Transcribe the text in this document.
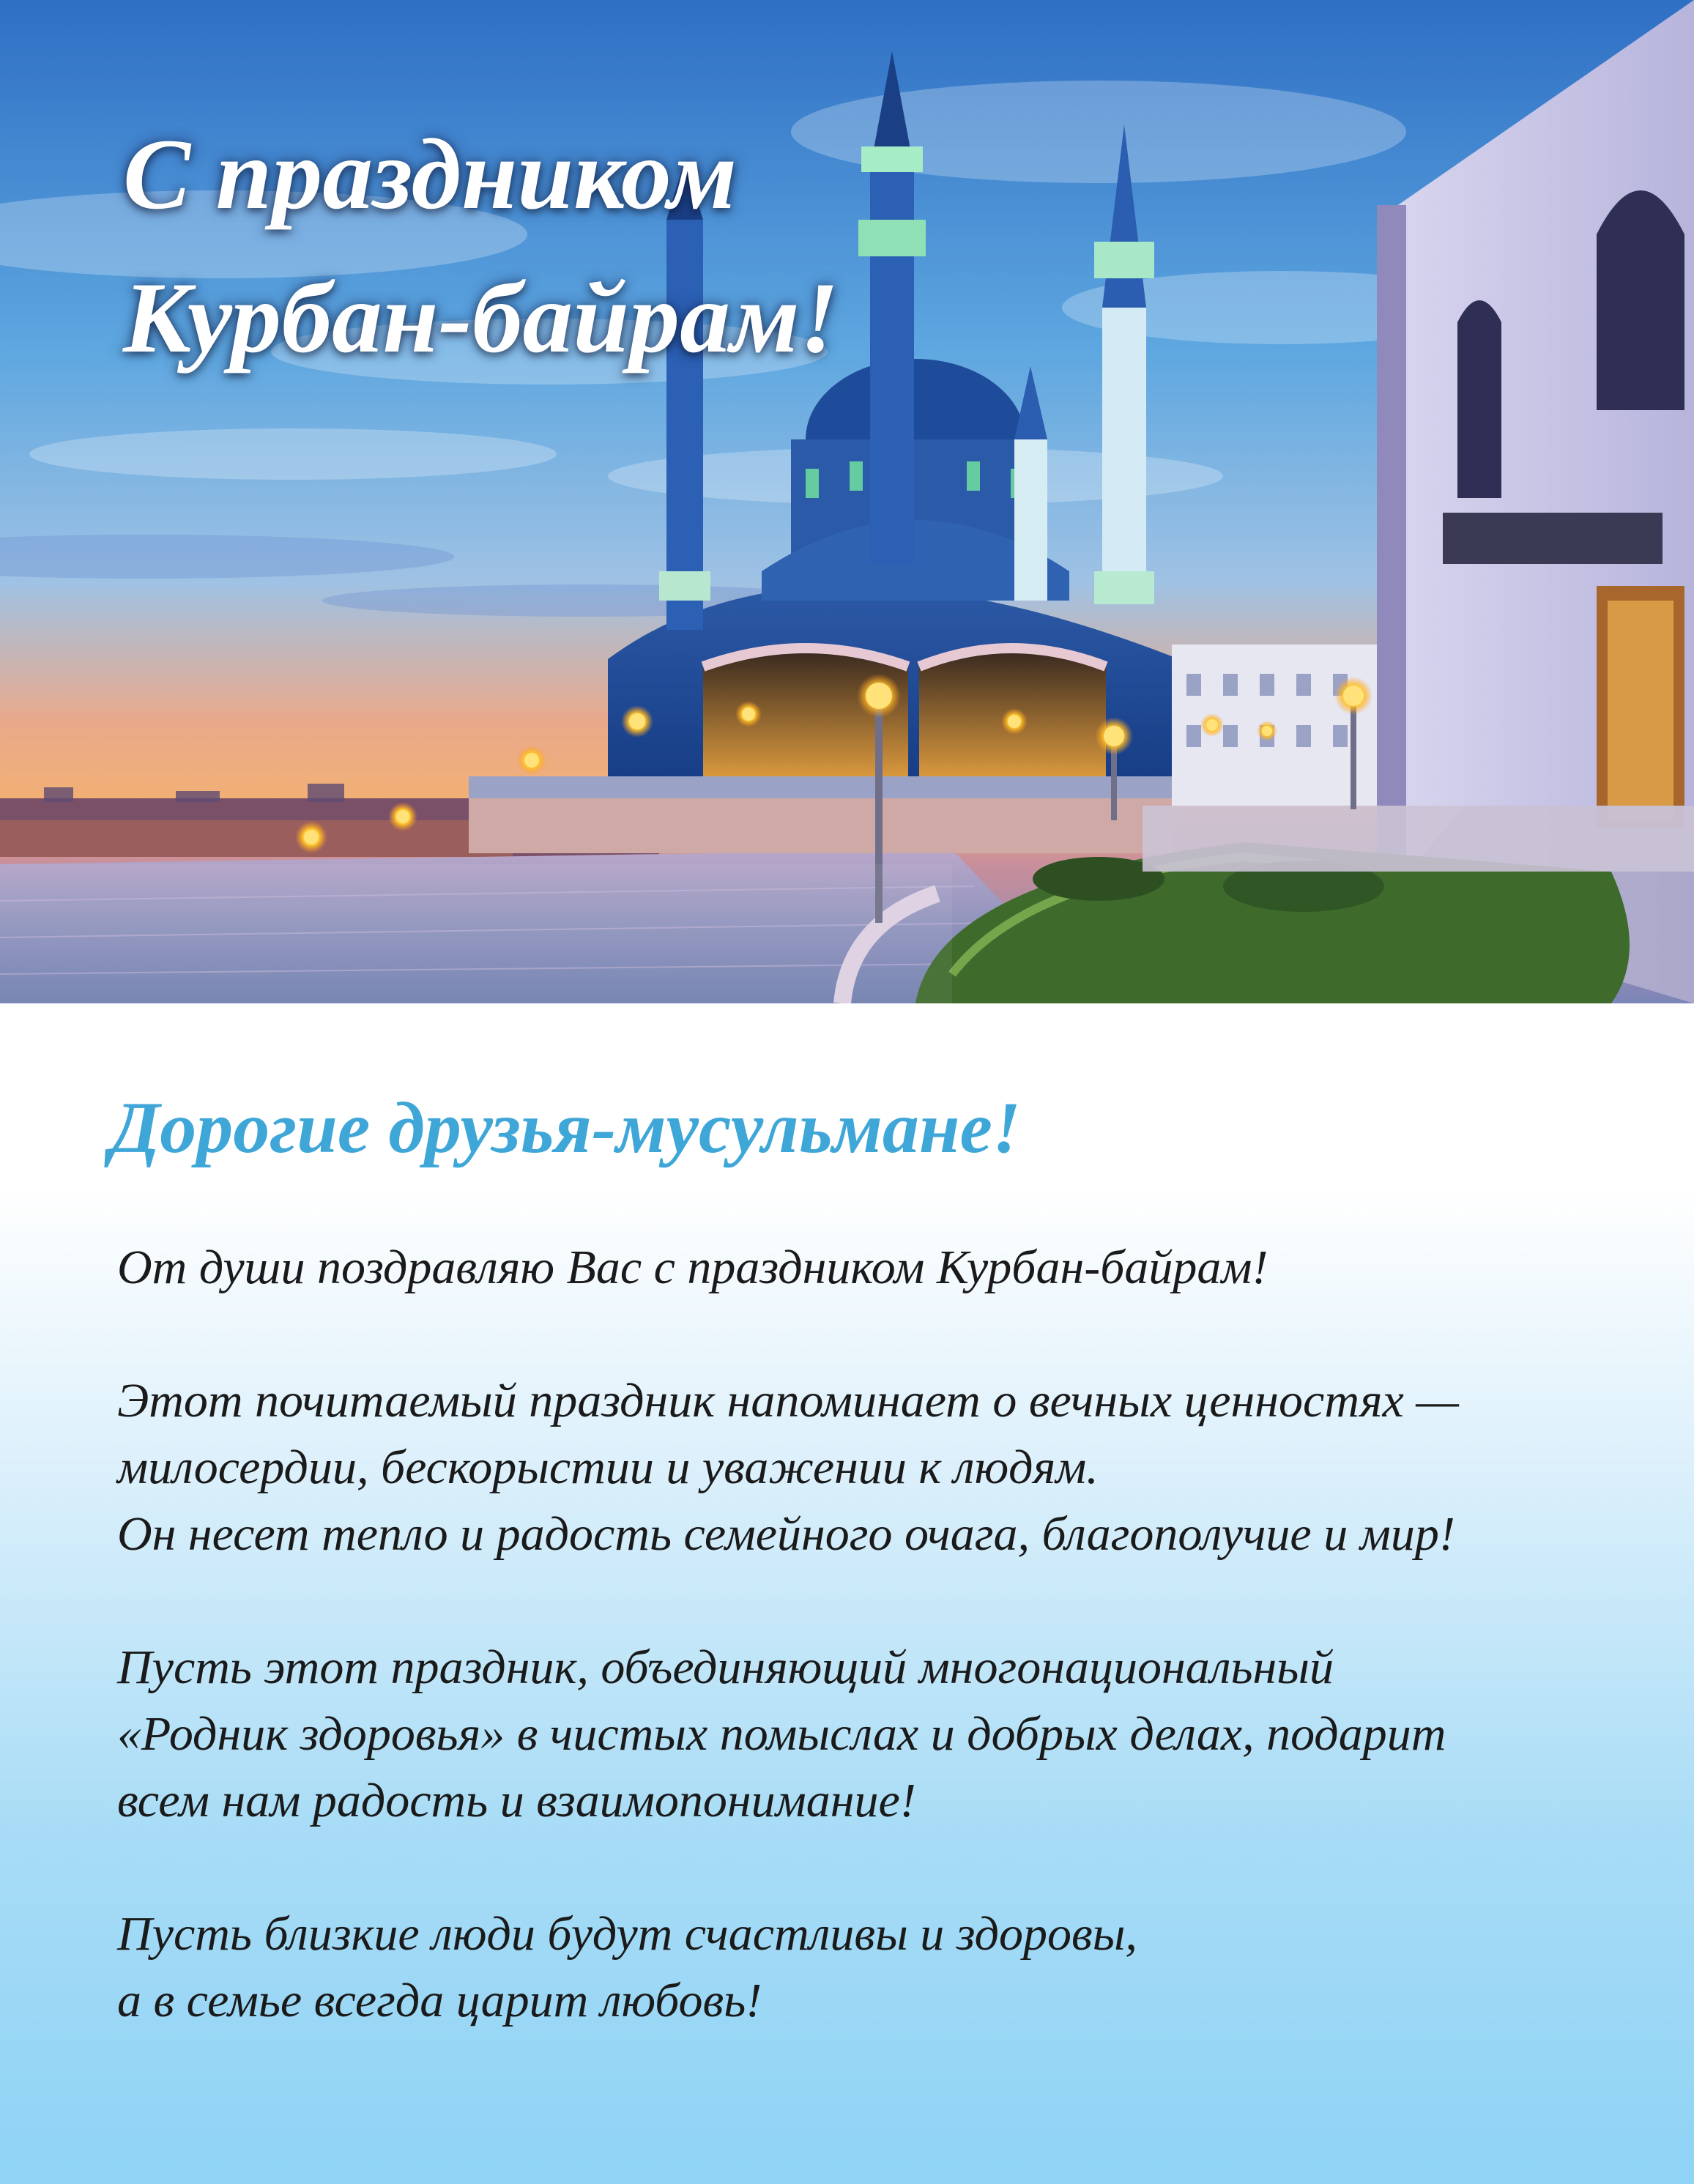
С праздником
Курбан-байрам!
Дорогие друзья-мусульмане!

От души поздравляю Вас с праздником Курбан-байрам!

Этот почитаемый праздник напоминает о вечных ценностях —
милосердии, бескорыстии и уважении к людям.
Он несет тепло и радость семейного очага, благополучие и мир!

Пусть этот праздник, объединяющий многонациональный
«Родник здоровья» в чистых помыслах и добрых делах, подарит
всем нам радость и взаимопонимание!

Пусть близкие люди будут счастливы и здоровы,
а в семье всегда царит любовь!
